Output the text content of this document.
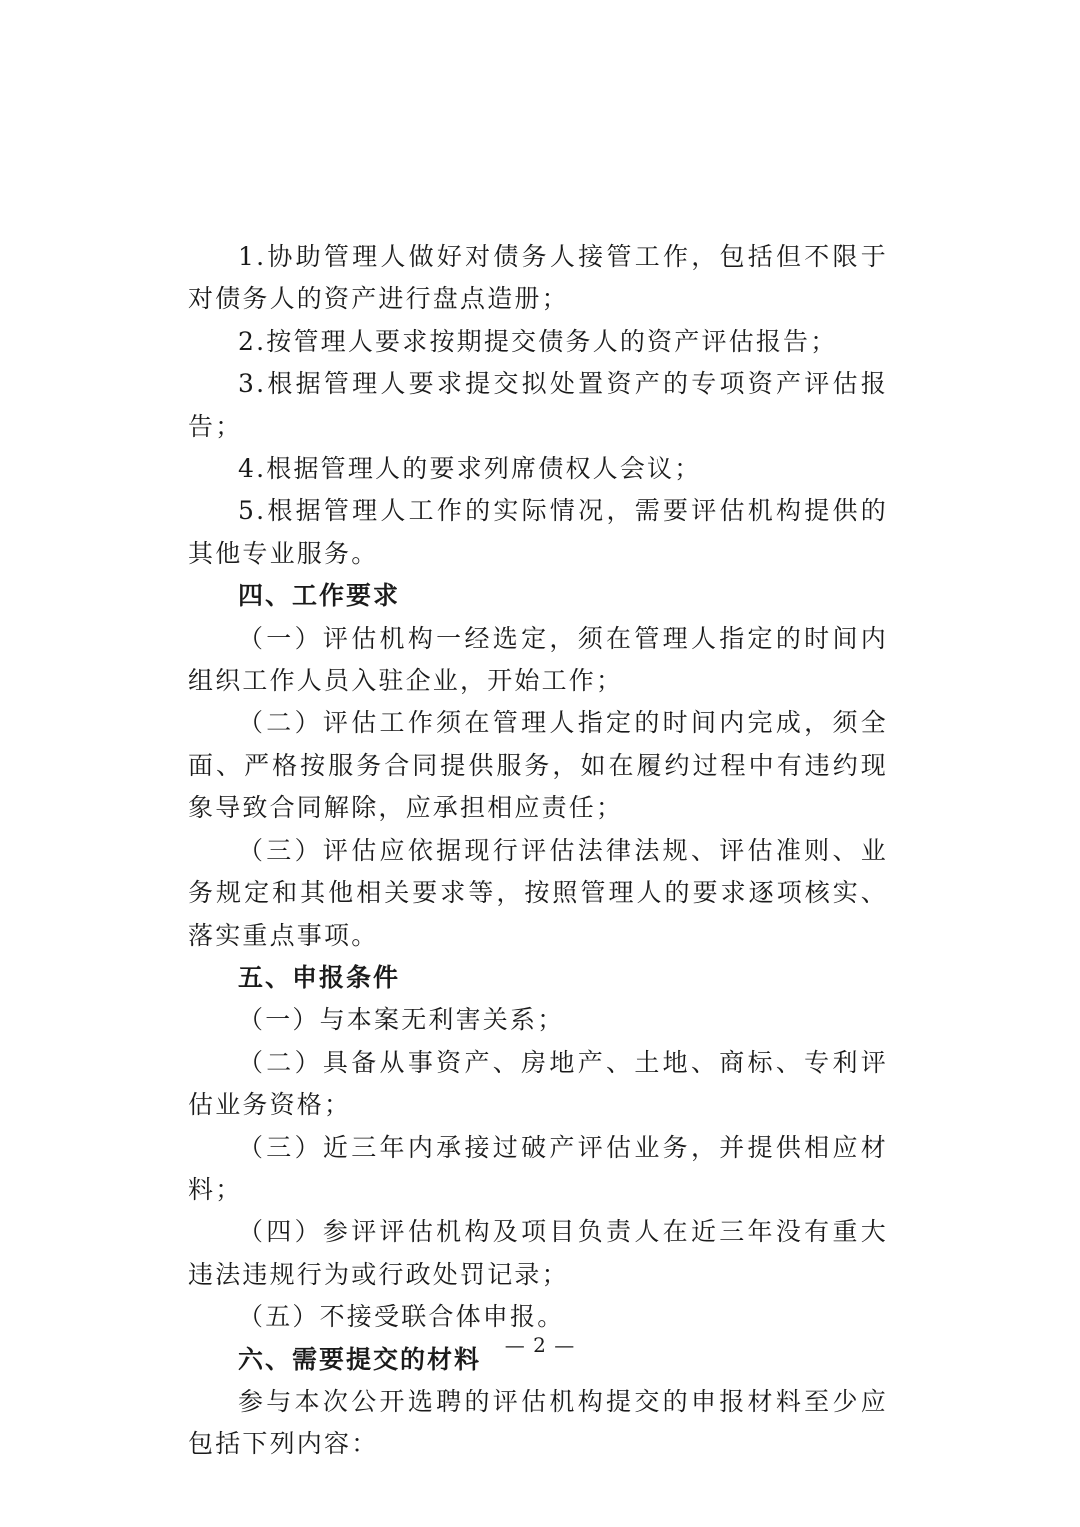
1.协助管理人做好对债务人接管工作，包括但不限于对债务人的资产进行盘点造册；

2.按管理人要求按期提交债务人的资产评估报告；

3.根据管理人要求提交拟处置资产的专项资产评估报告；

4.根据管理人的要求列席债权人会议；

5.根据管理人工作的实际情况，需要评估机构提供的其他专业服务。

四、工作要求

（一）评估机构一经选定，须在管理人指定的时间内组织工作人员入驻企业，开始工作；

（二）评估工作须在管理人指定的时间内完成，须全面、严格按服务合同提供服务，如在履约过程中有违约现象导致合同解除，应承担相应责任；

（三）评估应依据现行评估法律法规、评估准则、业务规定和其他相关要求等，按照管理人的要求逐项核实、落实重点事项。

五、申报条件

（一）与本案无利害关系；

（二）具备从事资产、房地产、土地、商标、专利评估业务资格；

（三）近三年内承接过破产评估业务，并提供相应材料；

（四）参评评估机构及项目负责人在近三年没有重大违法违规行为或行政处罚记录；

（五）不接受联合体申报。

六、需要提交的材料

参与本次公开选聘的评估机构提交的申报材料至少应包括下列内容：

— 2 —
